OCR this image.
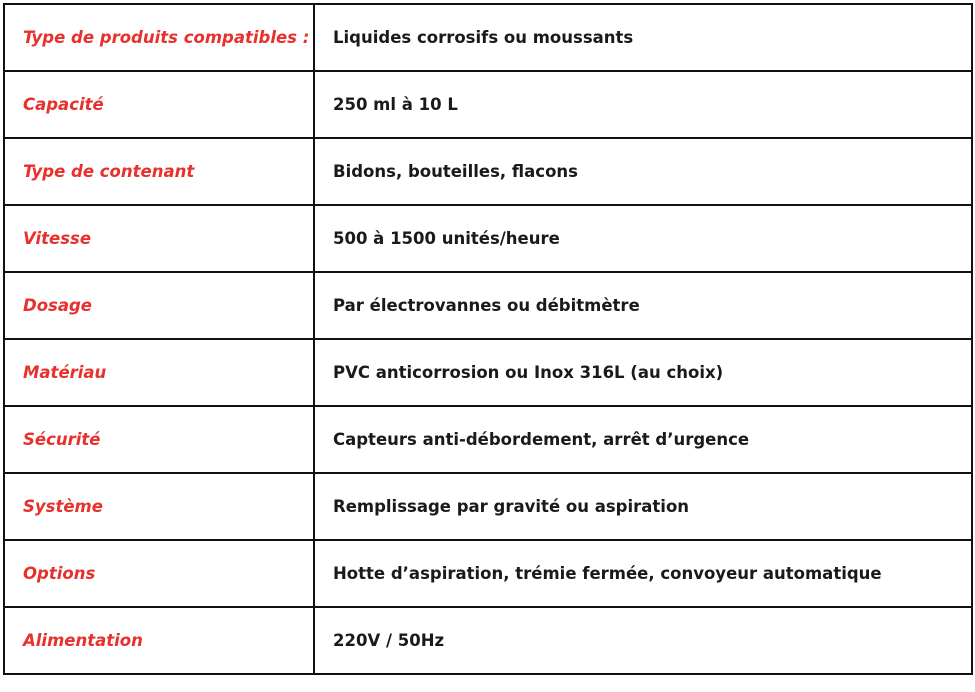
Type de produits compatibles :	Liquides corrosifs ou moussants
Capacité	250 ml à 10 L
Type de contenant	Bidons, bouteilles, flacons
Vitesse	500 à 1500 unités/heure
Dosage	Par électrovannes ou débitmètre
Matériau	PVC anticorrosion ou Inox 316L (au choix)
Sécurité	Capteurs anti-débordement, arrêt d’urgence
Système	Remplissage par gravité ou aspiration
Options	Hotte d’aspiration, trémie fermée, convoyeur automatique
Alimentation	220V / 50Hz
